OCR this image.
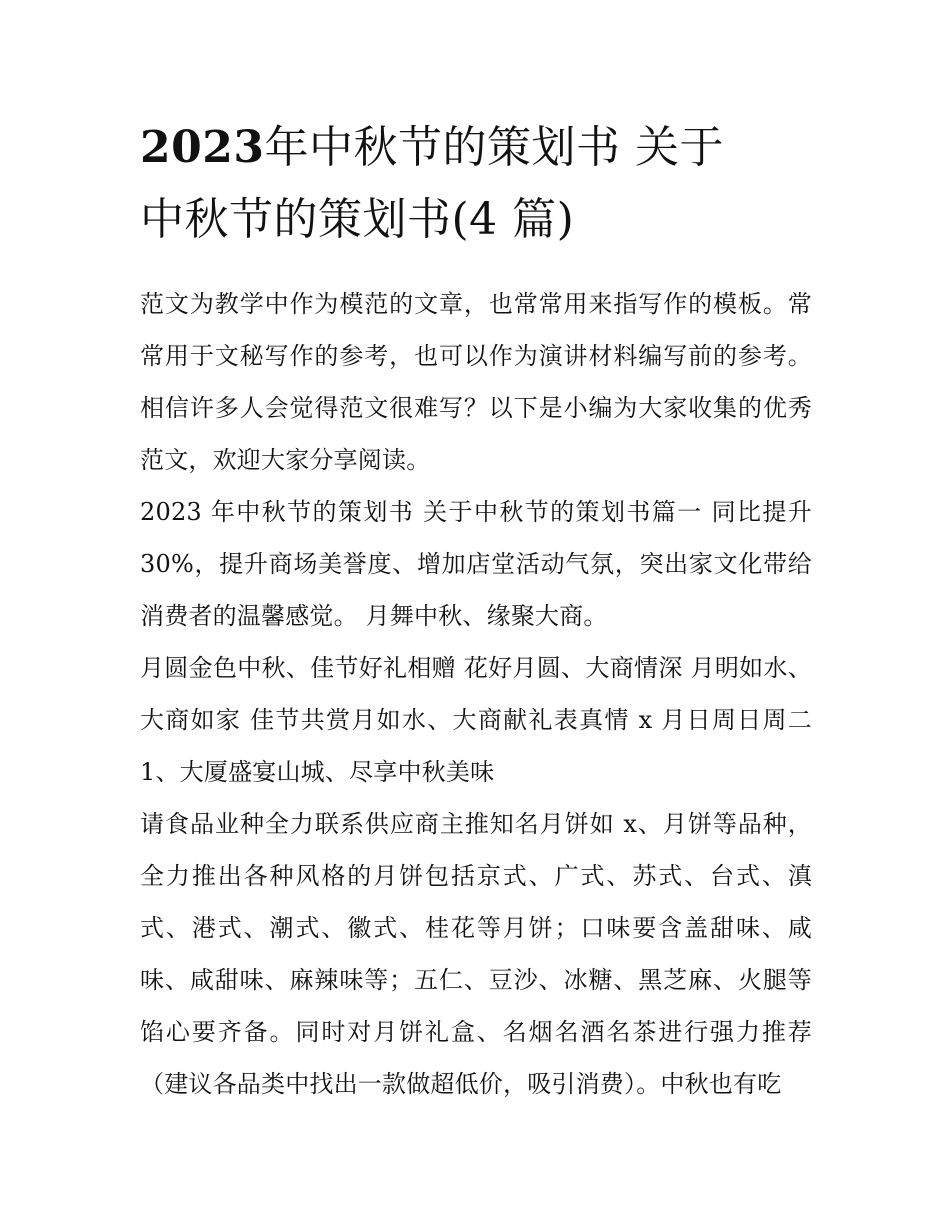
2023年中秋节的策划书 关于
中秋节的策划书(4 篇)

范文为教学中作为模范的文章，也常常用来指写作的模板。常常用于文秘写作的参考，也可以作为演讲材料编写前的参考。相信许多人会觉得范文很难写？以下是小编为大家收集的优秀范文，欢迎大家分享阅读。

2023 年中秋节的策划书 关于中秋节的策划书篇一 同比提升 30%，提升商场美誉度、增加店堂活动气氛，突出家文化带给消费者的温馨感觉。 月舞中秋、缘聚大商。

月圆金色中秋、佳节好礼相赠 花好月圆、大商情深 月明如水、大商如家 佳节共赏月如水、大商献礼表真情 x 月日周日周二 1、大厦盛宴山城、尽享中秋美味

请食品业种全力联系供应商主推知名月饼如 x、月饼等品种，全力推出各种风格的月饼包括京式、广式、苏式、台式、滇式、港式、潮式、徽式、桂花等月饼；口味要含盖甜味、咸味、咸甜味、麻辣味等；五仁、豆沙、冰糖、黑芝麻、火腿等馅心要齐备。同时对月饼礼盒、名烟名酒名茶进行强力推荐（建议各品类中找出一款做超低价，吸引消费）。中秋也有吃
